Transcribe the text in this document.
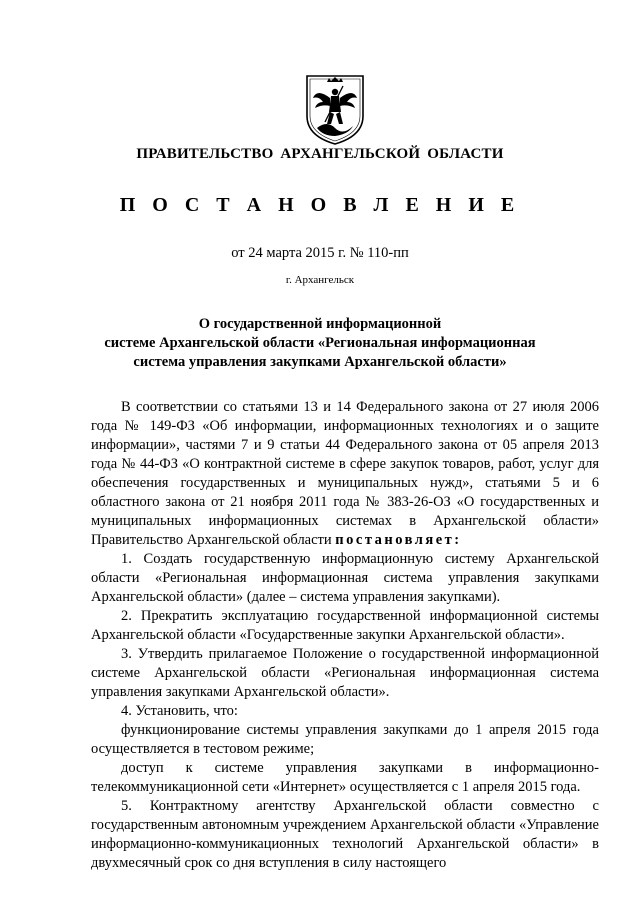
ПРАВИТЕЛЬСТВО АРХАНГЕЛЬСКОЙ ОБЛАСТИ
П О С Т А Н О В Л Е Н И Е
от 24 марта 2015 г. № 110-пп
г. Архангельск
О государственной информационной
системе Архангельской области «Региональная информационная
система управления закупками Архангельской области»

В соответствии со статьями 13 и 14 Федерального закона от 27 июля 2006 года № 149-ФЗ «Об информации, информационных технологиях и о защите информации», частями 7 и 9 статьи 44 Федерального закона от 05 апреля 2013 года № 44-ФЗ «О контрактной системе в сфере закупок товаров, работ, услуг для обеспечения государственных и муниципальных нужд», статьями 5 и 6 областного закона от 21 ноября 2011 года № 383-26-ОЗ «О государственных и муниципальных информационных системах в Архангельской области» Правительство Архангельской области постановляет:

1. Создать государственную информационную систему Архангельской области «Региональная информационная система управления закупками Архангельской области» (далее – система управления закупками).

2. Прекратить эксплуатацию государственной информационной системы Архангельской области «Государственные закупки Архангельской области».

3. Утвердить прилагаемое Положение о государственной информационной системе Архангельской области «Региональная информационная система управления закупками Архангельской области».

4. Установить, что:

функционирование системы управления закупками до 1 апреля 2015 года осуществляется в тестовом режиме;

доступ к системе управления закупками в информационно-телекоммуникационной сети «Интернет» осуществляется с 1 апреля 2015 года.

5. Контрактному агентству Архангельской области совместно с государственным автономным учреждением Архангельской области «Управление информационно-коммуникационных технологий Архангельской области» в двухмесячный срок со дня вступления в силу настоящего
